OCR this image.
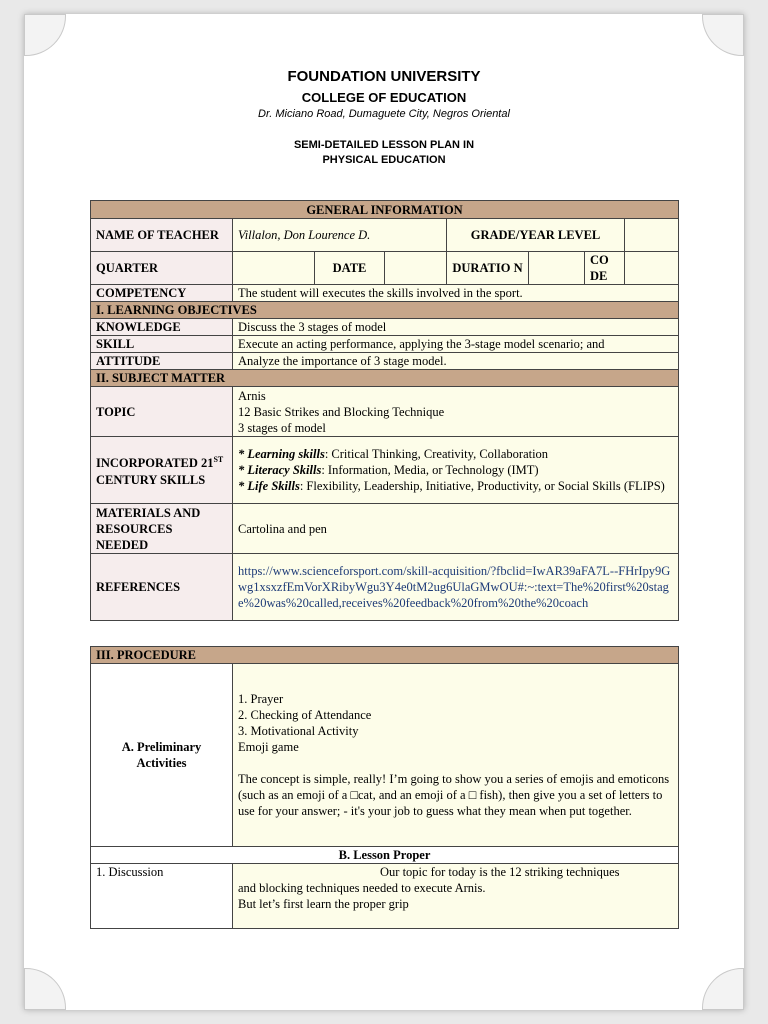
FOUNDATION UNIVERSITY
COLLEGE OF EDUCATION
Dr. Miciano Road, Dumaguete City, Negros Oriental
SEMI-DETAILED LESSON PLAN IN
PHYSICAL EDUCATION
GENERAL INFORMATION							
NAME OF TEACHER	Villalon, Don Lourence D.			GRADE/YEAR LEVEL			
QUARTER		DATE		DURATIO N		CO DE	
COMPETENCY	The student will executes the skills involved in the sport.						
I. LEARNING OBJECTIVES							
KNOWLEDGE	Discuss the 3 stages of model						
SKILL	Execute an acting performance, applying the 3-stage model scenario; and						
ATTITUDE	Analyze the importance of 3 stage model.						
II. SUBJECT MATTER							
TOPIC	Arnis
12 Basic Strikes and Blocking Technique
3 stages of model						

INCORPORATED 21ST CENTURY SKILLS	* Learning skills: Critical Thinking, Creativity, Collaboration
* Literacy Skills: Information, Media, or Technology (IMT)
* Life Skills: Flexibility, Leadership, Initiative, Productivity, or Social Skills (FLIPS)						

MATERIALS AND RESOURCES NEEDED	Cartolina and pen						
REFERENCES	https://www.scienceforsport.com/skill-acquisition/?fbclid=IwAR39aFA7L--FHrIpy9Gwg1xsxzfEmVorXRibyWgu3Y4e0tM2ug6UlaGMwOU#:~:text=The%20first%20stage%20was%20called,receives%20feedback%20from%20the%20coach						
III. PROCEDURE	
A. Preliminary Activities	1. Prayer
2. Checking of Attendance
3. Motivational Activity
Emoji game
The concept is simple, really! I’m going to show you a series of emojis and emoticons (such as an emoji of a □cat, and an emoji of a □ fish), then give you a set of letters to use for your answer; - it's your job to guess what they mean when put together.

B. Lesson Proper	
1. Discussion	Our topic for today is the 12 striking techniques
and blocking techniques needed to execute Arnis.
But let’s first learn the proper grip
